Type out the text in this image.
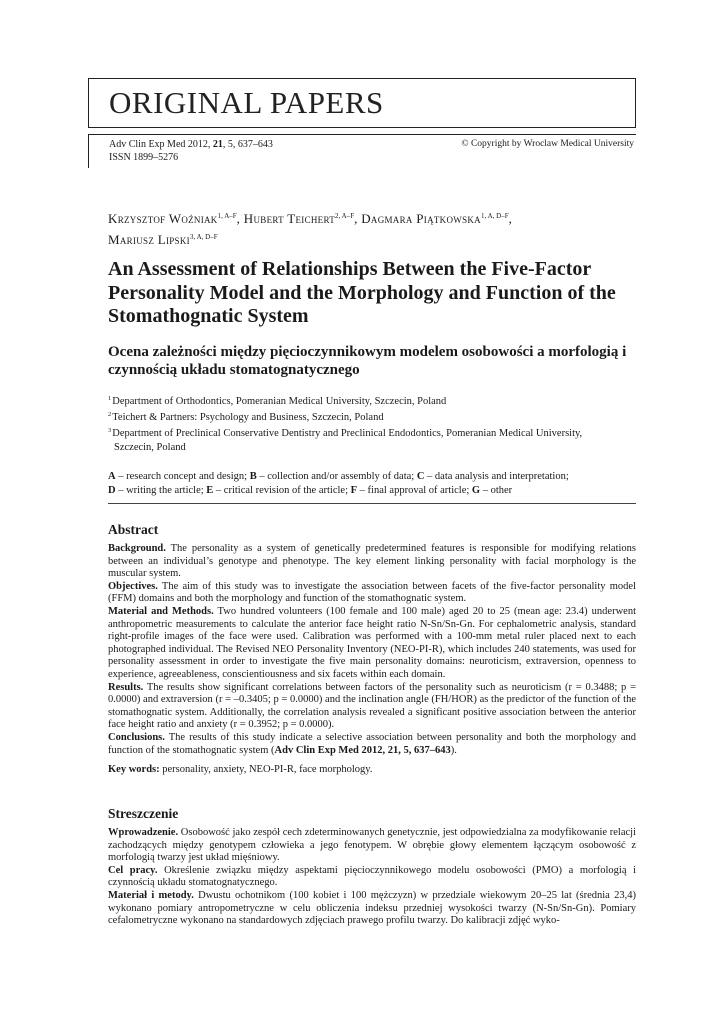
ORIGINAL PAPERS
Adv Clin Exp Med 2012, 21, 5, 637–643
ISSN 1899–5276
© Copyright by Wroclaw Medical University
Krzysztof Woźniak$^{1, A-F}$, Hubert Teichert$^{2, A-F}$, Dagmara Piątkowska$^{1, A, D-F}$,
Mariusz Lipski$^{3, A, D-F}$
An Assessment of Relationships Between the Five-Factor Personality Model and the Morphology and Function of the Stomathognatic System
Ocena zależności między pięcioczynnikowym modelem osobowości a morfologią i czynnością układu stomatognatycznego
$^1$Department of Orthodontics, Pomeranian Medical University, Szczecin, Poland
$^2$Teichert & Partners: Psychology and Business, Szczecin, Poland
$^3$Department of Preclinical Conservative Dentistry and Preclinical Endodontics, Pomeranian Medical University,
Szczecin, Poland
A – research concept and design; B – collection and/or assembly of data; C – data analysis and interpretation;
D – writing the article; E – critical revision of the article; F – final approval of article; G – other
Abstract

Background. The personality as a system of genetically predetermined features is responsible for modifying relations between an individual’s genotype and phenotype. The key element linking personality with facial morphology is the muscular system.

Objectives. The aim of this study was to investigate the association between facets of the five-factor personality model (FFM) domains and both the morphology and function of the stomathognatic system.

Material and Methods. Two hundred volunteers (100 female and 100 male) aged 20 to 25 (mean age: 23.4) underwent anthropometric measurements to calculate the anterior face height ratio N-Sn/Sn-Gn. For cephalometric analysis, standard right-profile images of the face were used. Calibration was performed with a 100-mm metal ruler placed next to each photographed individual. The Revised NEO Personality Inventory (NEO-PI-R), which includes 240 statements, was used for personality assessment in order to investigate the five main personality domains: neuroticism, extraversion, openness to experience, agreeableness, conscientiousness and six facets within each domain.

Results. The results show significant correlations between factors of the personality such as neuroticism (r = 0.3488; p = 0.0000) and extraversion (r = –0.3405; p = 0.0000) and the inclination angle (FH/HOR) as the predictor of the function of the stomathognatic system. Additionally, the correlation analysis revealed a significant positive association between the anterior face height ratio and anxiety (r = 0.3952; p = 0.0000).

Conclusions. The results of this study indicate a selective association between personality and both the morphology and function of the stomathognatic system (Adv Clin Exp Med 2012, 21, 5, 637–643).

Key words: personality, anxiety, NEO-PI-R, face morphology.

Streszczenie

Wprowadzenie. Osobowość jako zespół cech zdeterminowanych genetycznie, jest odpowiedzialna za modyfikowanie relacji zachodzących między genotypem człowieka a jego fenotypem. W obrębie głowy elementem łączącym osobowość z morfologią twarzy jest układ mięśniowy.

Cel pracy. Określenie związku między aspektami pięcioczynnikowego modelu osobowości (PMO) a morfologią i czynnością układu stomatognatycznego.

Materiał i metody. Dwustu ochotnikom (100 kobiet i 100 mężczyzn) w przedziale wiekowym 20–25 lat (średnia 23,4) wykonano pomiary antropometryczne w celu obliczenia indeksu przedniej wysokości twarzy (N-Sn/Sn-Gn). Pomiary cefalometryczne wykonano na standardowych zdjęciach prawego profilu twarzy. Do kalibracji zdjęć wyko-
